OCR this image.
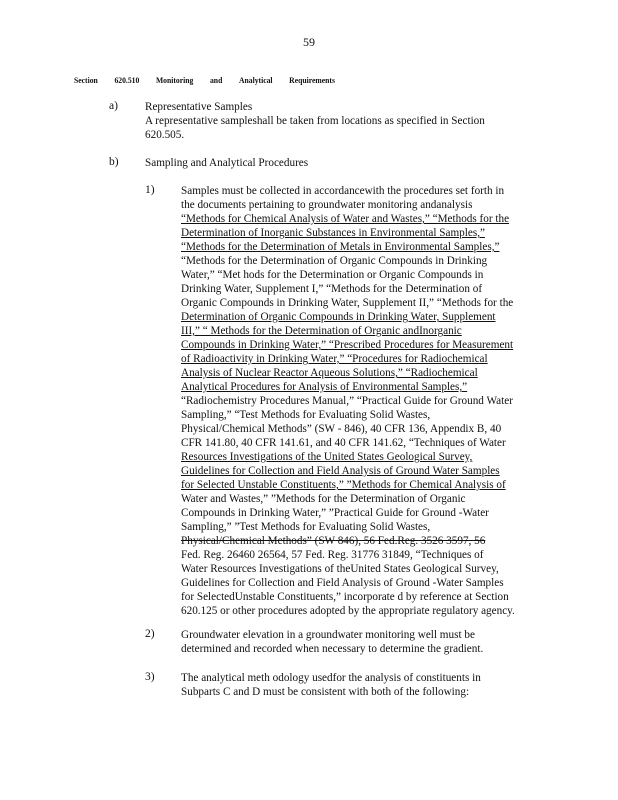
59
Section 620.510 Monitoring and Analytical Requirements
a) Representative Samples
A representative sampleshall be taken from locations as specified in Section
620.505.
b) Sampling and Analytical Procedures
1) Samples must be collected in accordancewith the procedures set forth in
the documents pertaining to groundwater monitoring andanalysis
“Methods for Chemical Analysis of Water and Wastes,” “Methods for the
Determination of Inorganic Substances in Environmental Samples,”
“Methods for the Determination of Metals in Environmental Samples,”
“Methods for the Determination of Organic Compounds in Drinking
Water,” “Met hods for the Determination or Organic Compounds in
Drinking Water, Supplement I,” “Methods for the Determination of
Organic Compounds in Drinking Water, Supplement II,” “Methods for the
Determination of Organic Compounds in Drinking Water, Supplement
III,” “ Methods for the Determination of Organic andInorganic
Compounds in Drinking Water,” “Prescribed Procedures for Measurement
of Radioactivity in Drinking Water,” “Procedures for Radiochemical
Analysis of Nuclear Reactor Aqueous Solutions,” “Radiochemical
Analytical Procedures for Analysis of Environmental Samples,”
“Radiochemistry Procedures Manual,” “Practical Guide for Ground Water
Sampling,” “Test Methods for Evaluating Solid Wastes,
Physical/Chemical Methods” (SW - 846), 40 CFR 136, Appendix B, 40
CFR 141.80, 40 CFR 141.61, and 40 CFR 141.62, “Techniques of Water
Resources Investigations of the United States Geological Survey,
Guidelines for Collection and Field Analysis of Ground Water Samples
for Selected Unstable Constituents,” ”Methods for Chemical Analysis of
Water and Wastes,” ”Methods for the Determination of Organic
Compounds in Drinking Water,” ”Practical Guide for Ground -Water
Sampling,” ”Test Methods for Evaluating Solid Wastes,
Physical/Chemical Methods” (SW 846), 56 Fed.Reg. 3526 3597, 56
Fed. Reg. 26460 26564, 57 Fed. Reg. 31776 31849, “Techniques of
Water Resources Investigations of theUnited States Geological Survey,
Guidelines for Collection and Field Analysis of Ground -Water Samples
for SelectedUnstable Constituents,” incorporate d by reference at Section
620.125 or other procedures adopted by the appropriate regulatory agency.
2) Groundwater elevation in a groundwater monitoring well must be
determined and recorded when necessary to determine the gradient.
3) The analytical meth odology usedfor the analysis of constituents in
Subparts C and D must be consistent with both of the following:
